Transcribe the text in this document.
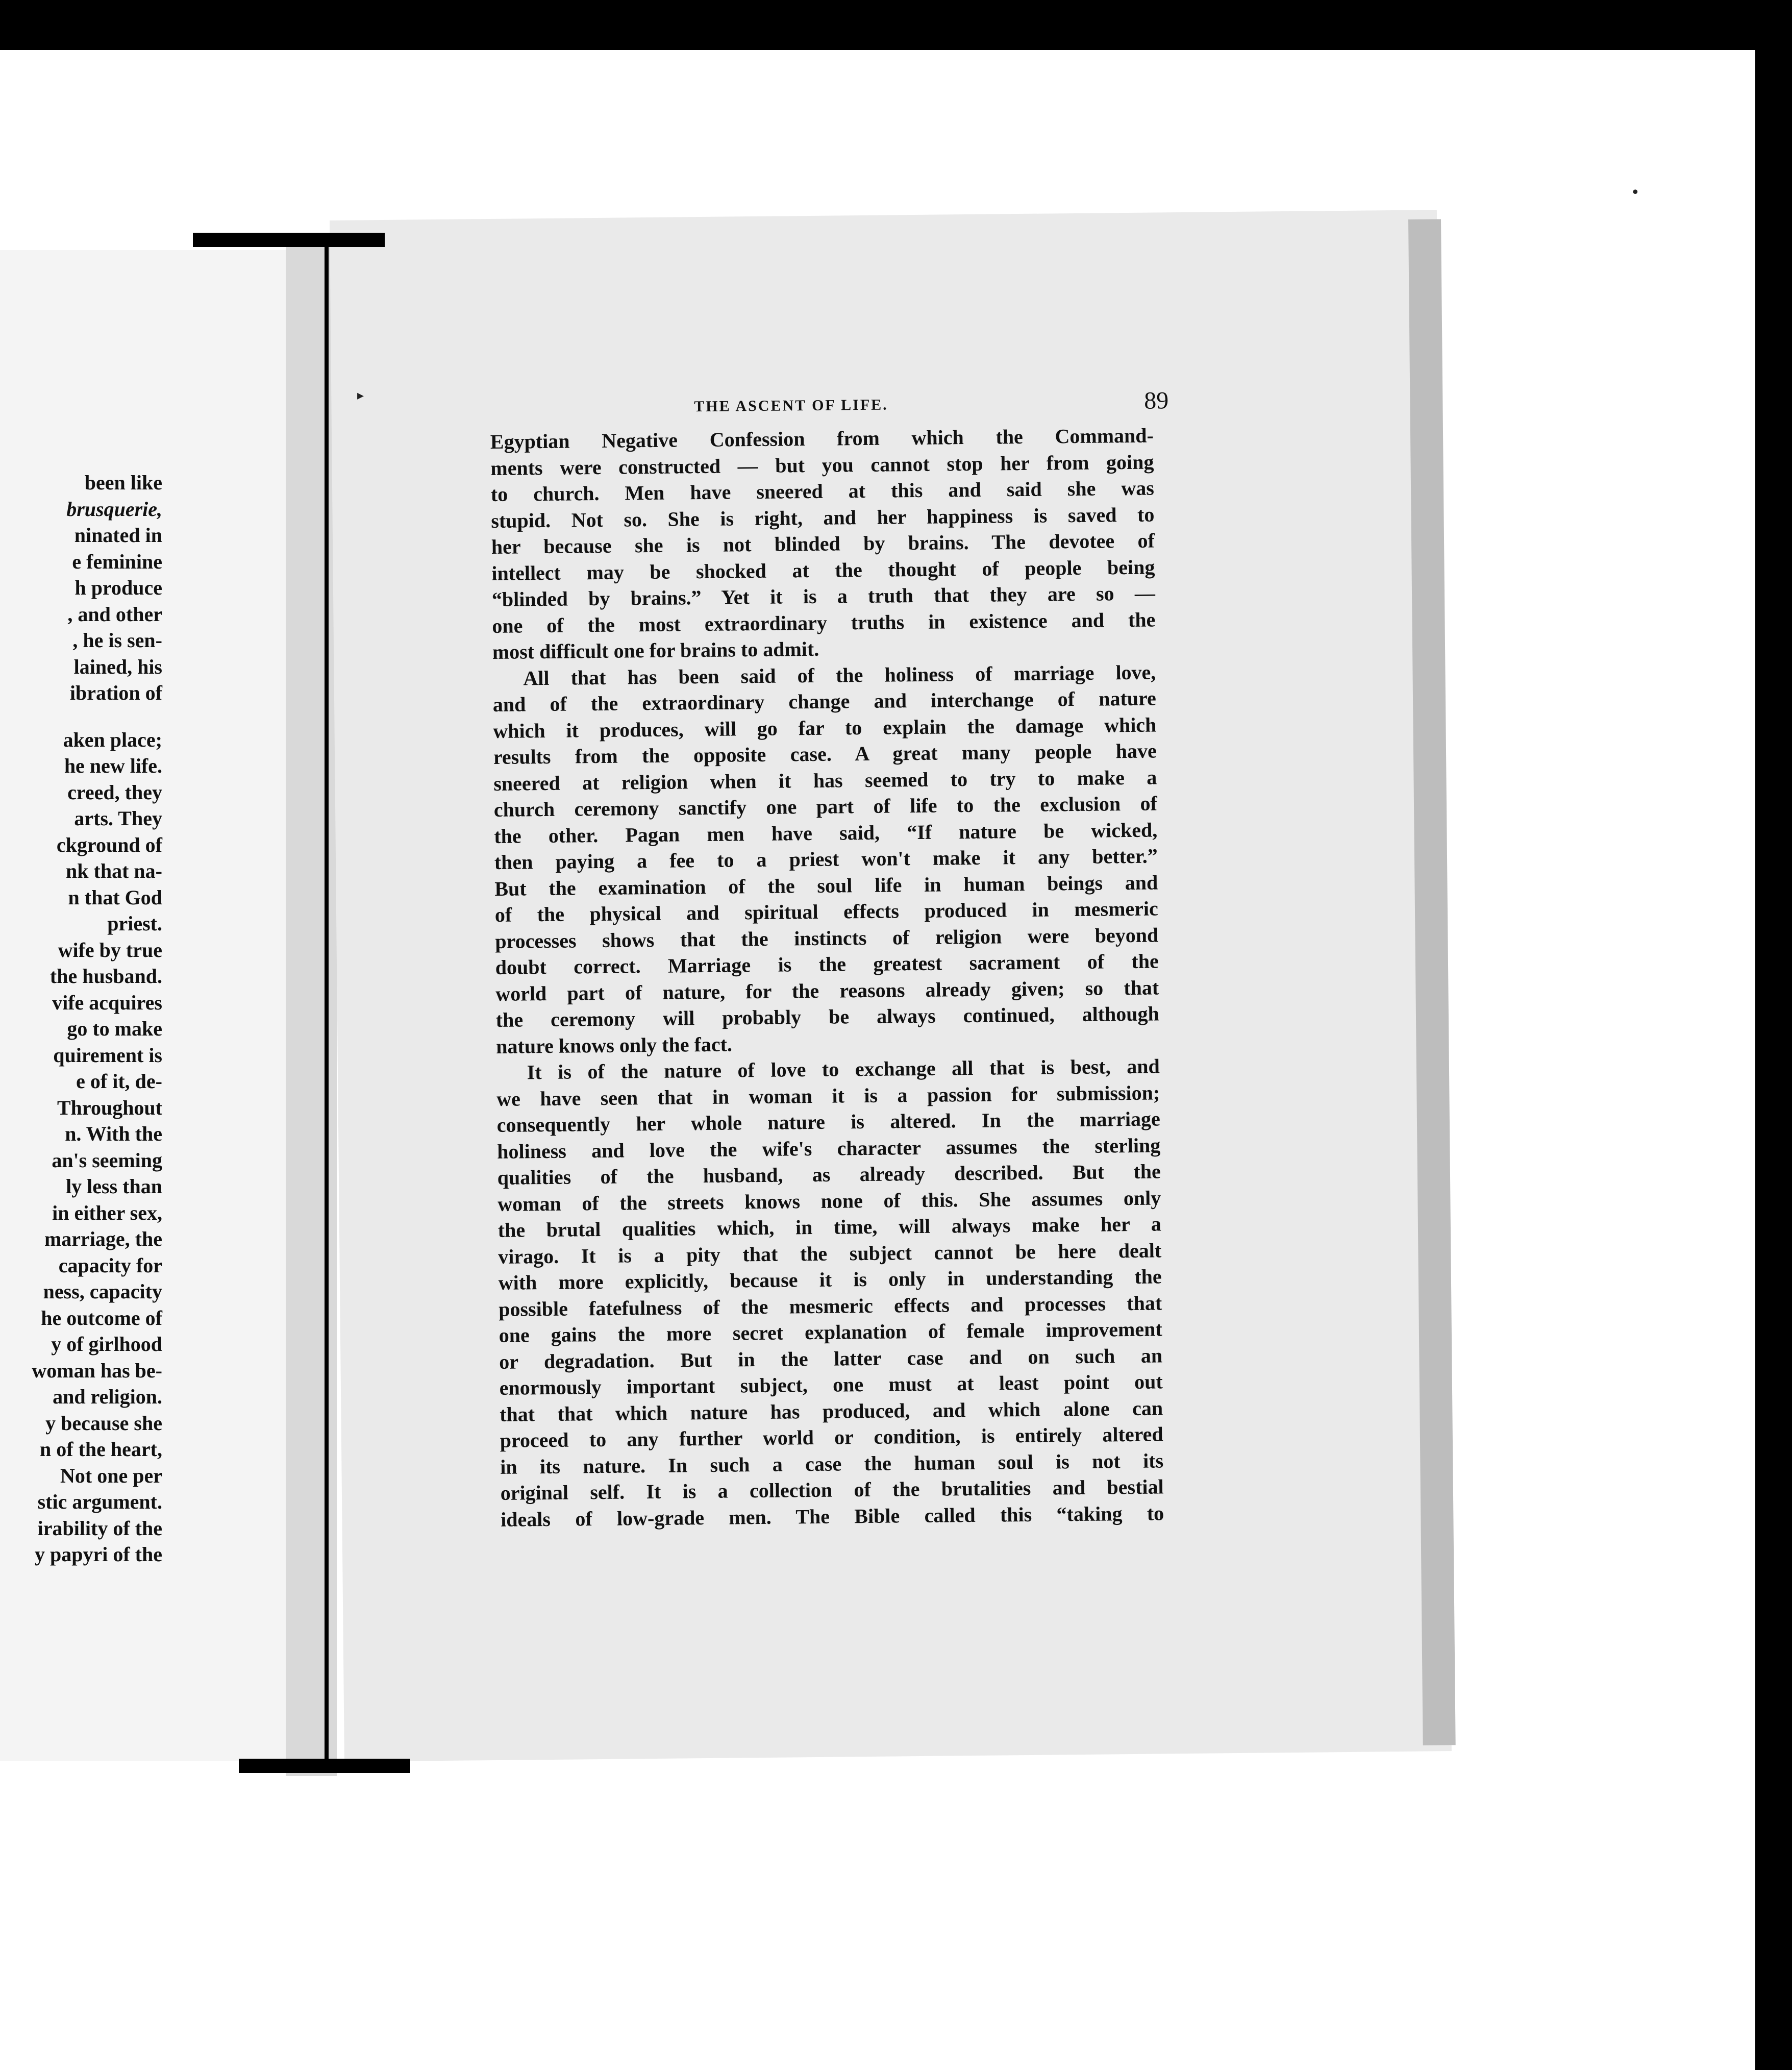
been like
brusquerie,
ninated in
e feminine
h produce
, and other
, he is sen-
lained, his
ibration of
aken place;
he new life.
creed, they
arts. They
ckground of
nk that na-
n that God
priest.
wife by true
the husband.
vife acquires
go to make
quirement is
e of it, de-
Throughout
n. With the
an's seeming
ly less than
in either sex,
marriage, the
capacity for
ness, capacity
he outcome of
y of girlhood
woman has be-
and religion.
y because she
n of the heart,
Not one per
stic argument.
irability of the
y papyri of the
▸
•
THE ASCENT OF LIFE.	89
Egyptian Negative Confession from which the Command-
ments were constructed — but you cannot stop her from going
to church. Men have sneered at this and said she was
stupid. Not so. She is right, and her happiness is saved to
her because she is not blinded by brains. The devotee of
intellect may be shocked at the thought of people being
“blinded by brains.” Yet it is a truth that they are so —
one of the most extraordinary truths in existence and the
most difficult one for brains to admit.
All that has been said of the holiness of marriage love,
and of the extraordinary change and interchange of nature
which it produces, will go far to explain the damage which
results from the opposite case. A great many people have
sneered at religion when it has seemed to try to make a
church ceremony sanctify one part of life to the exclusion of
the other. Pagan men have said, “If nature be wicked,
then paying a fee to a priest won't make it any better.”
But the examination of the soul life in human beings and
of the physical and spiritual effects produced in mesmeric
processes shows that the instincts of religion were beyond
doubt correct. Marriage is the greatest sacrament of the
world part of nature, for the reasons already given; so that
the ceremony will probably be always continued, although
nature knows only the fact.
It is of the nature of love to exchange all that is best, and
we have seen that in woman it is a passion for submission;
consequently her whole nature is altered. In the marriage
holiness and love the wife's character assumes the sterling
qualities of the husband, as already described. But the
woman of the streets knows none of this. She assumes only
the brutal qualities which, in time, will always make her a
virago. It is a pity that the subject cannot be here dealt
with more explicitly, because it is only in understanding the
possible fatefulness of the mesmeric effects and processes that
one gains the more secret explanation of female improvement
or degradation. But in the latter case and on such an
enormously important subject, one must at least point out
that that which nature has produced, and which alone can
proceed to any further world or condition, is entirely altered
in its nature. In such a case the human soul is not its
original self. It is a collection of the brutalities and bestial
ideals of low-grade men. The Bible called this “taking to
